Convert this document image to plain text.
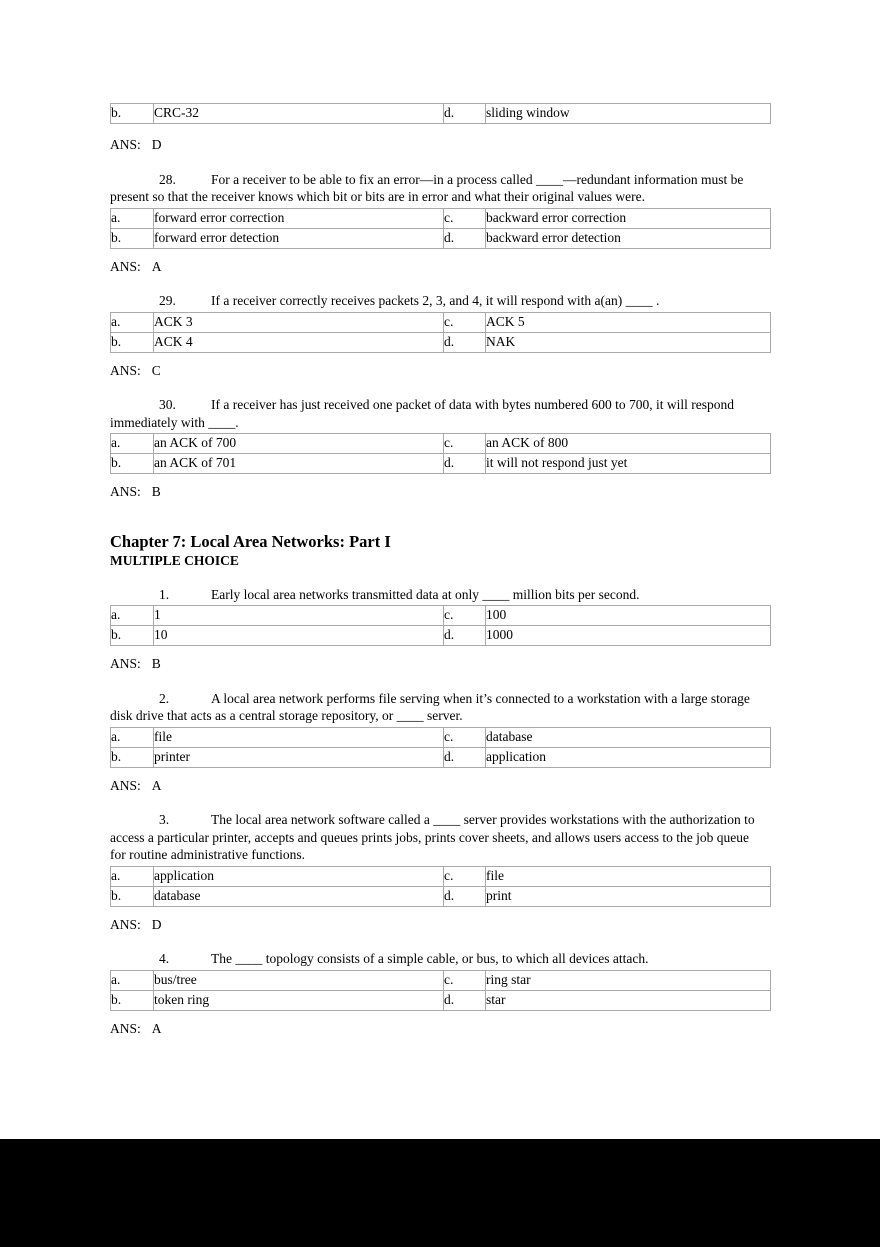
b.	CRC-32	d.	sliding window

ANS: D

28.	For a receiver to be able to fix an error—in a process called ____—redundant information must be present so that the receiver knows which bit or bits are in error and what their original values were.

a.	forward error correction	c.	backward error correction
b.	forward error detection	d.	backward error detection

ANS: A

29.	If a receiver correctly receives packets 2, 3, and 4, it will respond with a(an) ____ .

a.	ACK 3	c.	ACK 5
b.	ACK 4	d.	NAK

ANS: C

30.	If a receiver has just received one packet of data with bytes numbered 600 to 700, it will respond immediately with ____.

a.	an ACK of 700	c.	an ACK of 800
b.	an ACK of 701	d.	it will not respond just yet

ANS: B

Chapter 7: Local Area Networks: Part I

MULTIPLE CHOICE

1.	Early local area networks transmitted data at only ____ million bits per second.

a.	1	c.	100
b.	10	d.	1000

ANS: B

2.	A local area network performs file serving when it’s connected to a workstation with a large storage disk drive that acts as a central storage repository, or ____ server.

a.	file	c.	database
b.	printer	d.	application

ANS: A

3.	The local area network software called a ____ server provides workstations with the authorization to access a particular printer, accepts and queues prints jobs, prints cover sheets, and allows users access to the job queue for routine administrative functions.

a.	application	c.	file
b.	database	d.	print

ANS: D

4.	The ____ topology consists of a simple cable, or bus, to which all devices attach.

a.	bus/tree	c.	ring star
b.	token ring	d.	star

ANS: A
